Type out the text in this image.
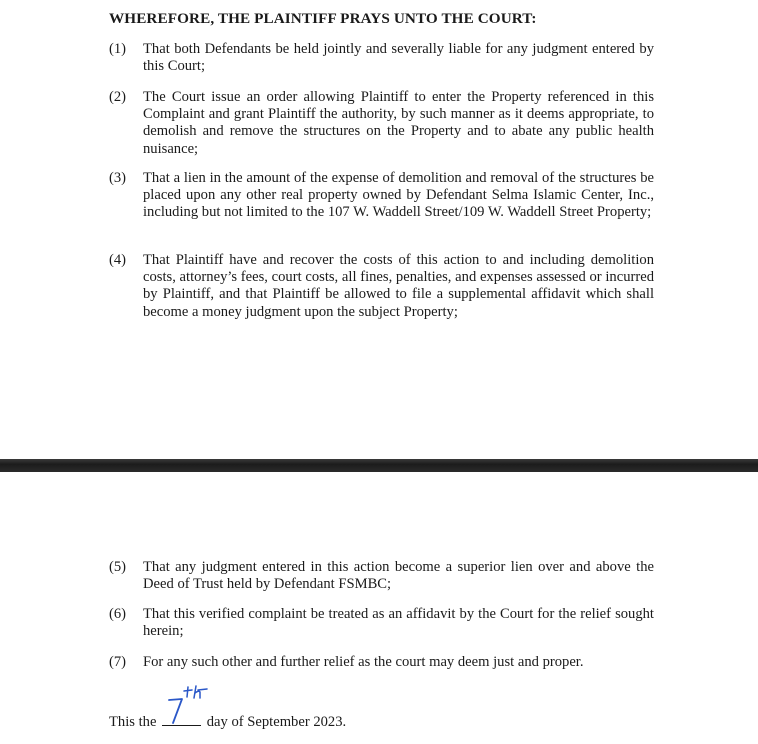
WHEREFORE, THE PLAINTIFF PRAYS UNTO THE COURT:
(1)	That both Defendants be held jointly and severally liable for any judgment entered by this Court;
(2)	The Court issue an order allowing Plaintiff to enter the Property referenced in this Complaint and grant Plaintiff the authority, by such manner as it deems appropriate, to demolish and remove the structures on the Property and to abate any public health nuisance;
(3)	That a lien in the amount of the expense of demolition and removal of the structures be placed upon any other real property owned by Defendant Selma Islamic Center, Inc., including but not limited to the 107 W. Waddell Street/109 W. Waddell Street Property;
(4)	That Plaintiff have and recover the costs of this action to and including demolition costs, attorney’s fees, court costs, all fines, penalties, and expenses assessed or incurred by Plaintiff, and that Plaintiff be allowed to file a supplemental affidavit which shall become a money judgment upon the subject Property;
(5)	That any judgment entered in this action become a superior lien over and above the Deed of Trust held by Defendant FSMBC;
(6)	That this verified complaint be treated as an affidavit by the Court for the relief sought herein;
(7)	For any such other and further relief as the court may deem just and proper.
This the	day of September 2023.
